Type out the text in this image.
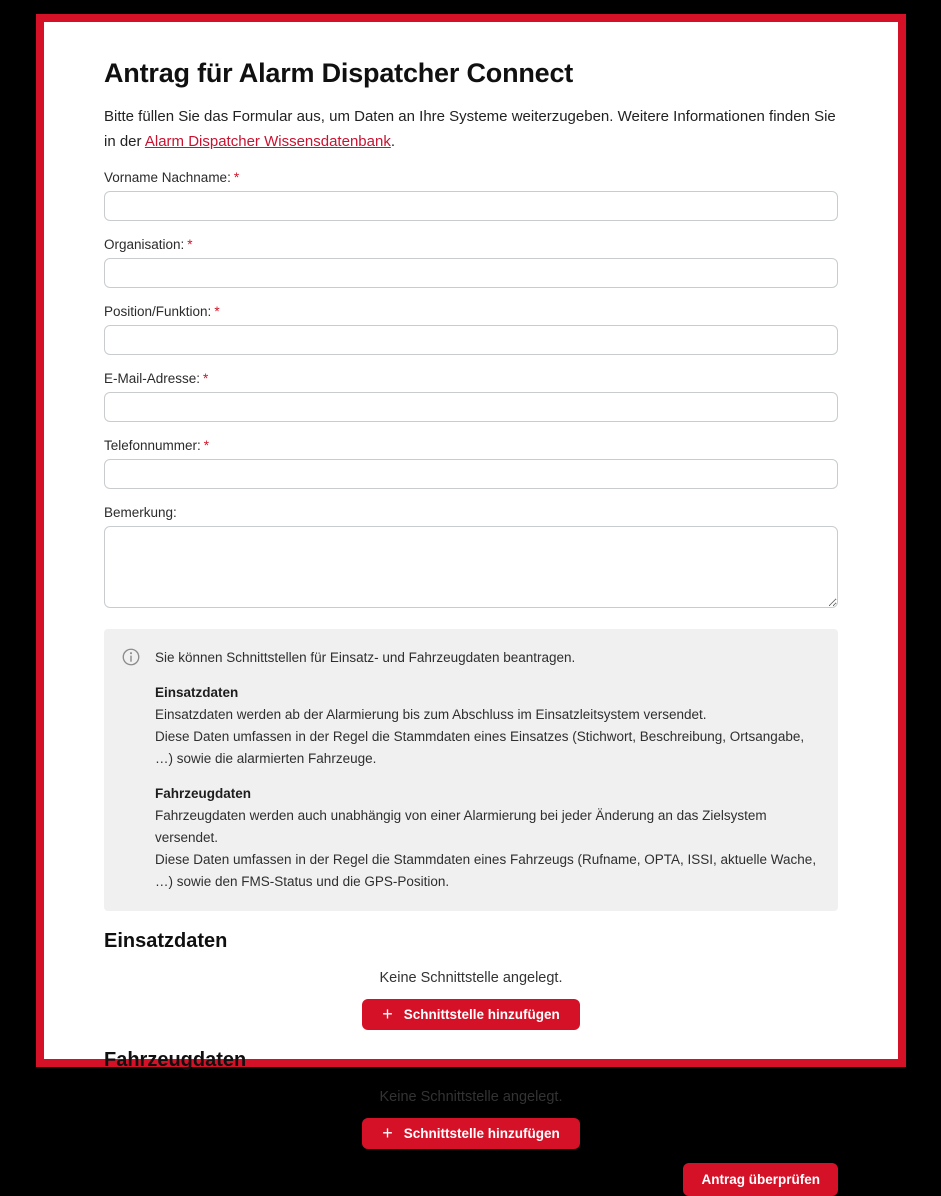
Antrag für Alarm Dispatcher Connect

Bitte füllen Sie das Formular aus, um Daten an Ihre Systeme weiterzugeben. Weitere Informationen finden Sie in der Alarm Dispatcher Wissensdatenbank.

Vorname Nachname: *
Organisation: *
Position/Funktion: *
E-Mail-Adresse: *
Telefonnummer: *
Bemerkung:

Sie können Schnittstellen für Einsatz- und Fahrzeugdaten beantragen.

Einsatzdaten

Einsatzdaten werden ab der Alarmierung bis zum Abschluss im Einsatzleitsystem versendet.

Diese Daten umfassen in der Regel die Stammdaten eines Einsatzes (Stichwort, Beschreibung, Ortsangabe, …) sowie die alarmierten Fahrzeuge.

Fahrzeugdaten

Fahrzeugdaten werden auch unabhängig von einer Alarmierung bei jeder Änderung an das Zielsystem versendet.

Diese Daten umfassen in der Regel die Stammdaten eines Fahrzeugs (Rufname, OPTA, ISSI, aktuelle Wache, …) sowie den FMS-Status und die GPS-Position.

Einsatzdaten

Keine Schnittstelle angelegt.

+ Schnittstelle hinzufügen
Fahrzeugdaten

Keine Schnittstelle angelegt.

+ Schnittstelle hinzufügen
Antrag überprüfen
